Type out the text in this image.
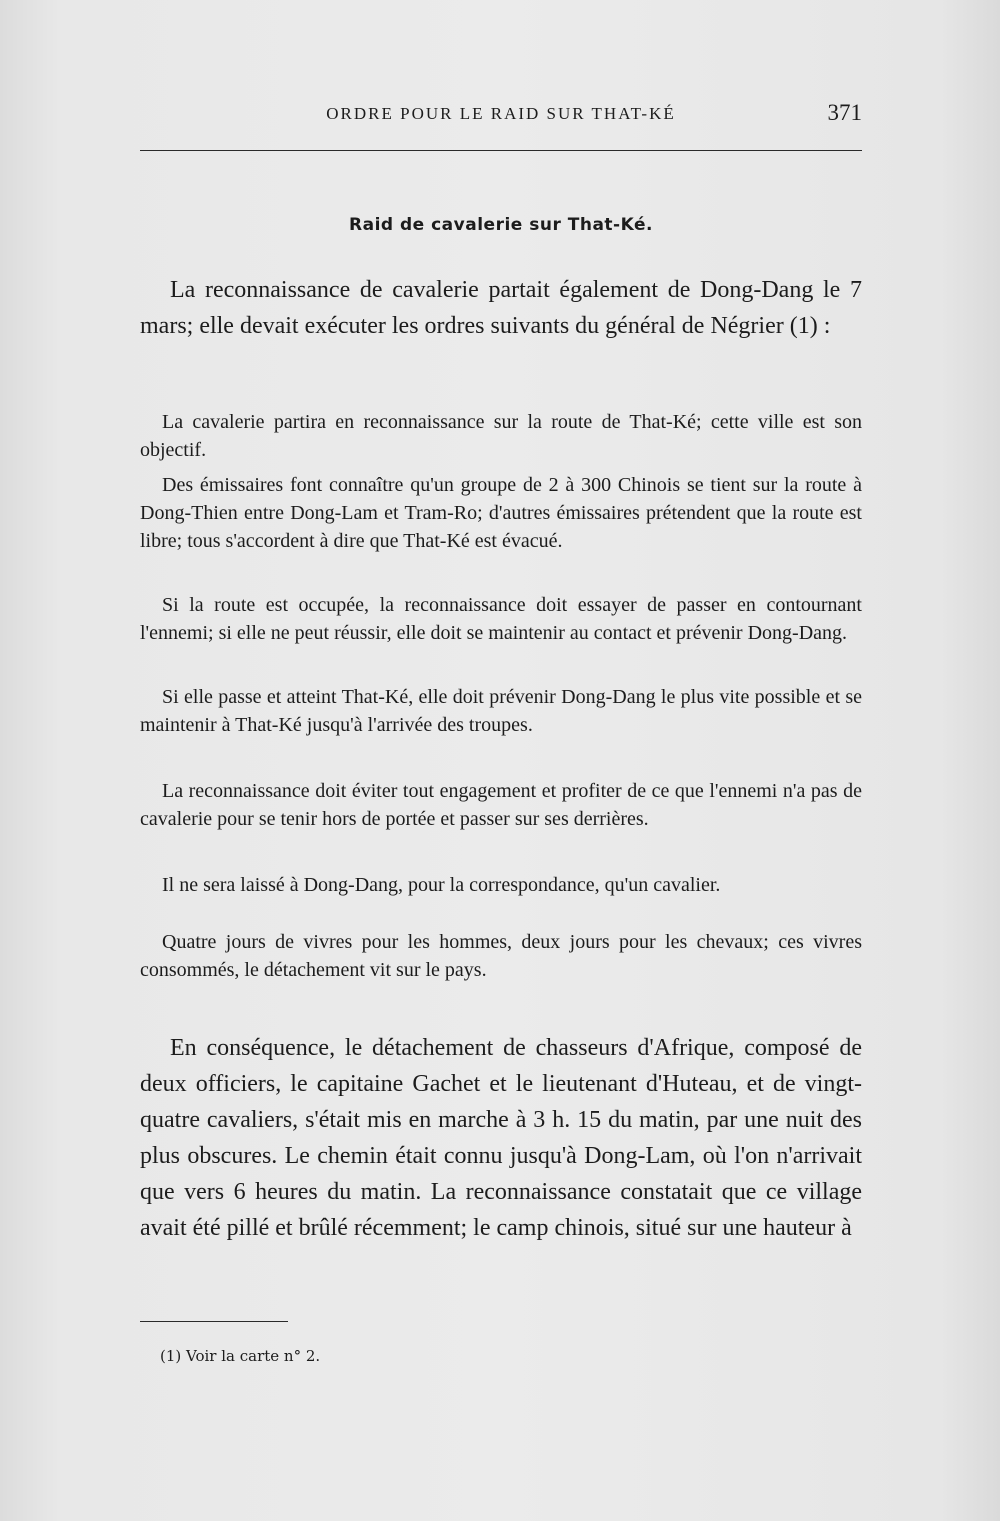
ORDRE POUR LE RAID SUR THAT-KÉ	371
Raid de cavalerie sur That-Ké.

La reconnaissance de cavalerie partait également de Dong-Dang le 7 mars; elle devait exécuter les ordres suivants du général de Négrier (1) :

La cavalerie partira en reconnaissance sur la route de That-Ké; cette ville est son objectif.

Des émissaires font connaître qu'un groupe de 2 à 300 Chinois se tient sur la route à Dong-Thien entre Dong-Lam et Tram-Ro; d'autres émissaires prétendent que la route est libre; tous s'accordent à dire que That-Ké est évacué.

Si la route est occupée, la reconnaissance doit essayer de passer en contournant l'ennemi; si elle ne peut réussir, elle doit se maintenir au contact et prévenir Dong-Dang.

Si elle passe et atteint That-Ké, elle doit prévenir Dong-Dang le plus vite possible et se maintenir à That-Ké jusqu'à l'arrivée des troupes.

La reconnaissance doit éviter tout engagement et profiter de ce que l'ennemi n'a pas de cavalerie pour se tenir hors de portée et passer sur ses derrières.

Il ne sera laissé à Dong-Dang, pour la correspondance, qu'un cavalier.

Quatre jours de vivres pour les hommes, deux jours pour les chevaux; ces vivres consommés, le détachement vit sur le pays.

En conséquence, le détachement de chasseurs d'Afrique, composé de deux officiers, le capitaine Gachet et le lieutenant d'Huteau, et de vingt-quatre cavaliers, s'était mis en marche à 3 h. 15 du matin, par une nuit des plus obscures. Le chemin était connu jusqu'à Dong-Lam, où l'on n'arrivait que vers 6 heures du matin. La reconnaissance constatait que ce village avait été pillé et brûlé récemment; le camp chinois, situé sur une hauteur à

(1) Voir la carte n° 2.
